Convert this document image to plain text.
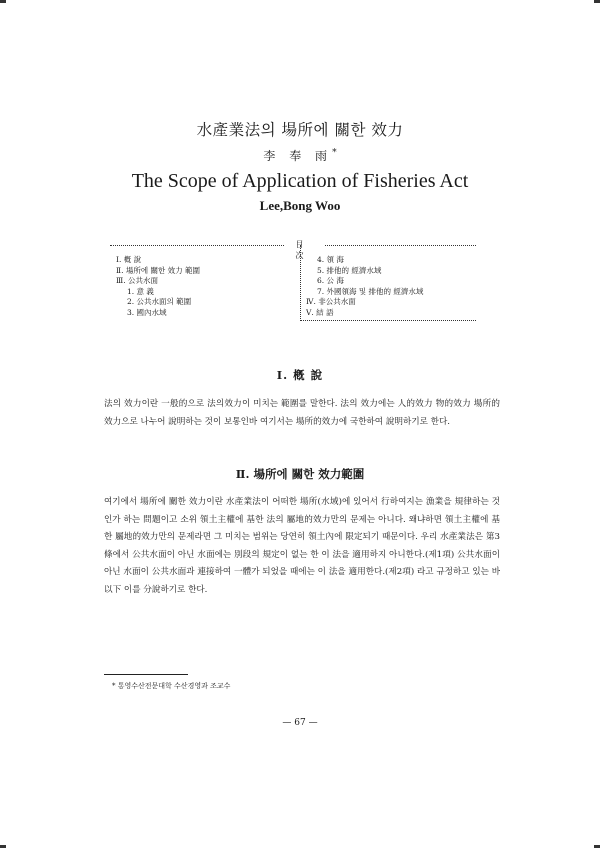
水產業法의 場所에 關한 效力
李 奉 雨*
The Scope of Application of Fisheries Act
Lee,Bong Woo
目 次
Ⅰ. 槪 說
Ⅱ. 場所에 關한 效力 範圍
Ⅲ. 公共水面
1. 意 義
2. 公共水面의 範圍
3. 國內水域
4. 領 海
5. 排他的 經濟水域
6. 公 海
7. 外國領海 및 排他的 經濟水域
Ⅳ. 非公共水面
Ⅴ. 結 語
Ⅰ. 槪 說
法의 效力이란 一般的으로 法의效力이 미치는 範圍를 말한다. 法의 效力에는 人的效力 物的效力 場所的效力으로 나누어 說明하는 것이 보통인바 여기서는 場所的效力에 국한하여 說明하기로 한다.
Ⅱ. 場所에 關한 效力範圍
여기에서 場所에 關한 效力이란 水產業法이 어떠한 場所(水域)에 있어서 行하여지는 漁業을 規律하는 것인가 하는 問題이고 소위 領土主權에 基한 法의 屬地的效力만의 문제는 아니다. 왜냐하면 領土主權에 基한 屬地的效力만의 문제라면 그 미치는 범위는 당연히 領土內에 限定되기 때문이다. 우리 水產業法은 第3條에서 公共水面이 아닌 水面에는 別段의 規定이 없는 한 이 法을 適用하지 아니한다.(제1項) 公共水面이 아닌 水面이 公共水面과 連接하여 一體가 되었을 때에는 이 法을 適用한다.(제2項) 라고 규정하고 있는 바 以下 이를 分說하기로 한다.
* 통영수산전문대학 수산경영과 조교수
— 67 —
